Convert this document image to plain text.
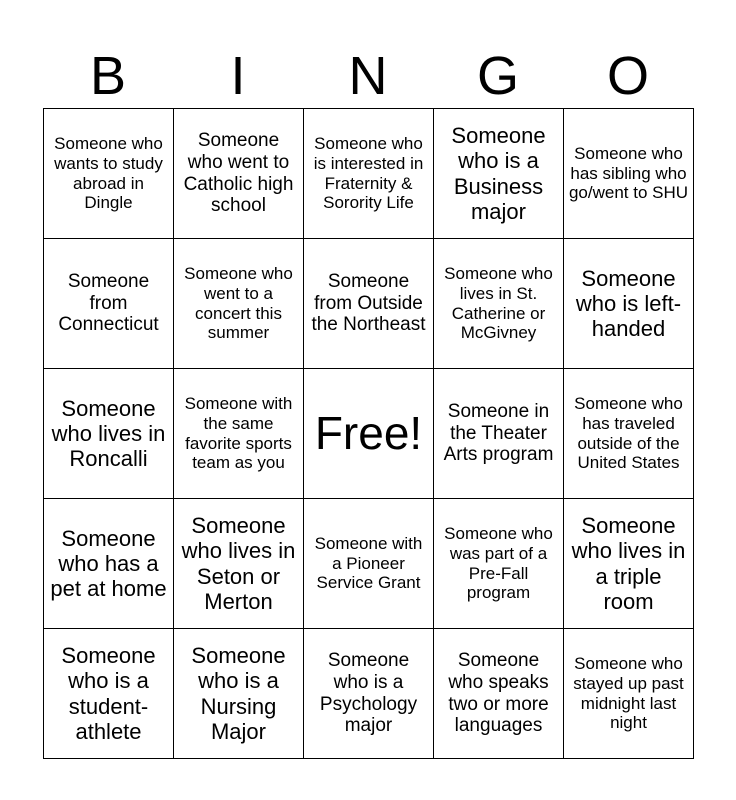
B	I	N	G	O
Someone who wants to study abroad in Dingle	Someone who went to Catholic high school	Someone who is interested in Fraternity & Sorority Life	Someone who is a Business major	Someone who has sibling who go/went to SHU
Someone from Connecticut	Someone who went to a concert this summer	Someone from Outside the Northeast	Someone who lives in St. Catherine or McGivney	Someone who is left-handed
Someone who lives in Roncalli	Someone with the same favorite sports team as you	Free!	Someone in the Theater Arts program	Someone who has traveled outside of the United States
Someone who has a pet at home	Someone who lives in Seton or Merton	Someone with a Pioneer Service Grant	Someone who was part of a Pre-Fall program	Someone who lives in a triple room
Someone who is a student-athlete	Someone who is a Nursing Major	Someone who is a Psychology major	Someone who speaks two or more languages	Someone who stayed up past midnight last night
